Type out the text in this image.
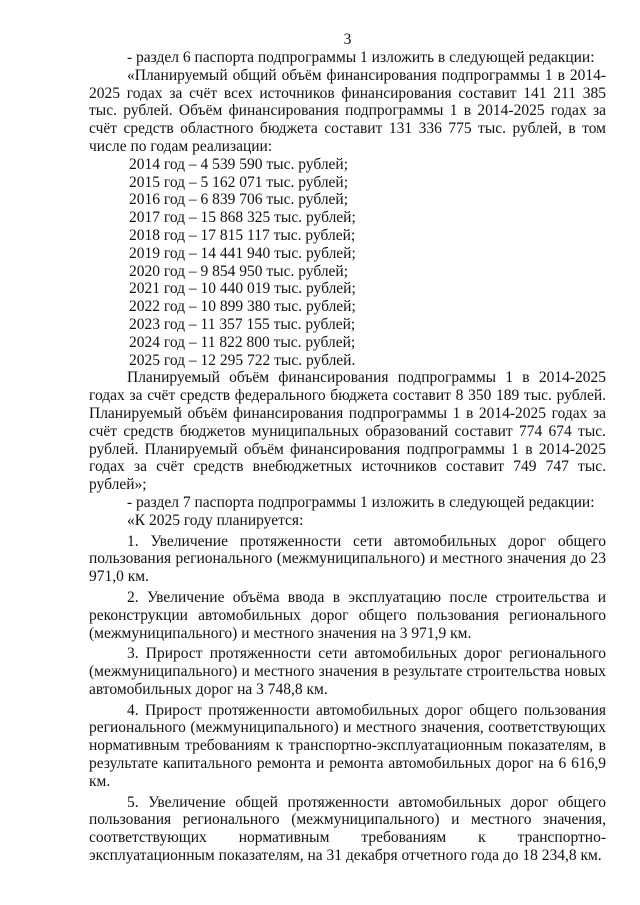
3

- раздел 6 паспорта подпрограммы 1 изложить в следующей редакции:

«Планируемый общий объём финансирования подпрограммы 1 в 2014-2025 годах за счёт всех источников финансирования составит 141 211 385 тыс. рублей. Объём финансирования подпрограммы 1 в 2014-2025 годах за счёт средств областного бюджета составит 131 336 775 тыс. рублей, в том числе по годам реализации:

2014 год – 4 539 590 тыс. рублей;

2015 год – 5 162 071 тыс. рублей;

2016 год – 6 839 706 тыс. рублей;

2017 год – 15 868 325 тыс. рублей;

2018 год – 17 815 117 тыс. рублей;

2019 год – 14 441 940 тыс. рублей;

2020 год – 9 854 950 тыс. рублей;

2021 год – 10 440 019 тыс. рублей;

2022 год – 10 899 380 тыс. рублей;

2023 год – 11 357 155 тыс. рублей;

2024 год – 11 822 800 тыс. рублей;

2025 год – 12 295 722 тыс. рублей.

Планируемый объём финансирования подпрограммы 1 в 2014-2025 годах за счёт средств федерального бюджета составит 8 350 189 тыс. рублей. Планируемый объём финансирования подпрограммы 1 в 2014-2025 годах за счёт средств бюджетов муниципальных образований составит 774 674 тыс. рублей. Планируемый объём финансирования подпрограммы 1 в 2014-2025 годах за счёт средств внебюджетных источников составит 749 747 тыс. рублей»;

- раздел 7 паспорта подпрограммы 1 изложить в следующей редакции:

«К 2025 году планируется:

1. Увеличение протяженности сети автомобильных дорог общего пользования регионального (межмуниципального) и местного значения до 23 971,0 км.

2. Увеличение объёма ввода в эксплуатацию после строительства и реконструкции автомобильных дорог общего пользования регионального (межмуниципального) и местного значения на 3 971,9 км.

3. Прирост протяженности сети автомобильных дорог регионального (межмуниципального) и местного значения в результате строительства новых автомобильных дорог на 3 748,8 км.

4. Прирост протяженности автомобильных дорог общего пользования регионального (межмуниципального) и местного значения, соответствующих нормативным требованиям к транспортно-эксплуатационным показателям, в результате капитального ремонта и ремонта автомобильных дорог на 6 616,9 км.

5. Увеличение общей протяженности автомобильных дорог общего пользования регионального (межмуниципального) и местного значения, соответствующих нормативным требованиям к транспортно-эксплуатационным показателям, на 31 декабря отчетного года до 18 234,8 км.
